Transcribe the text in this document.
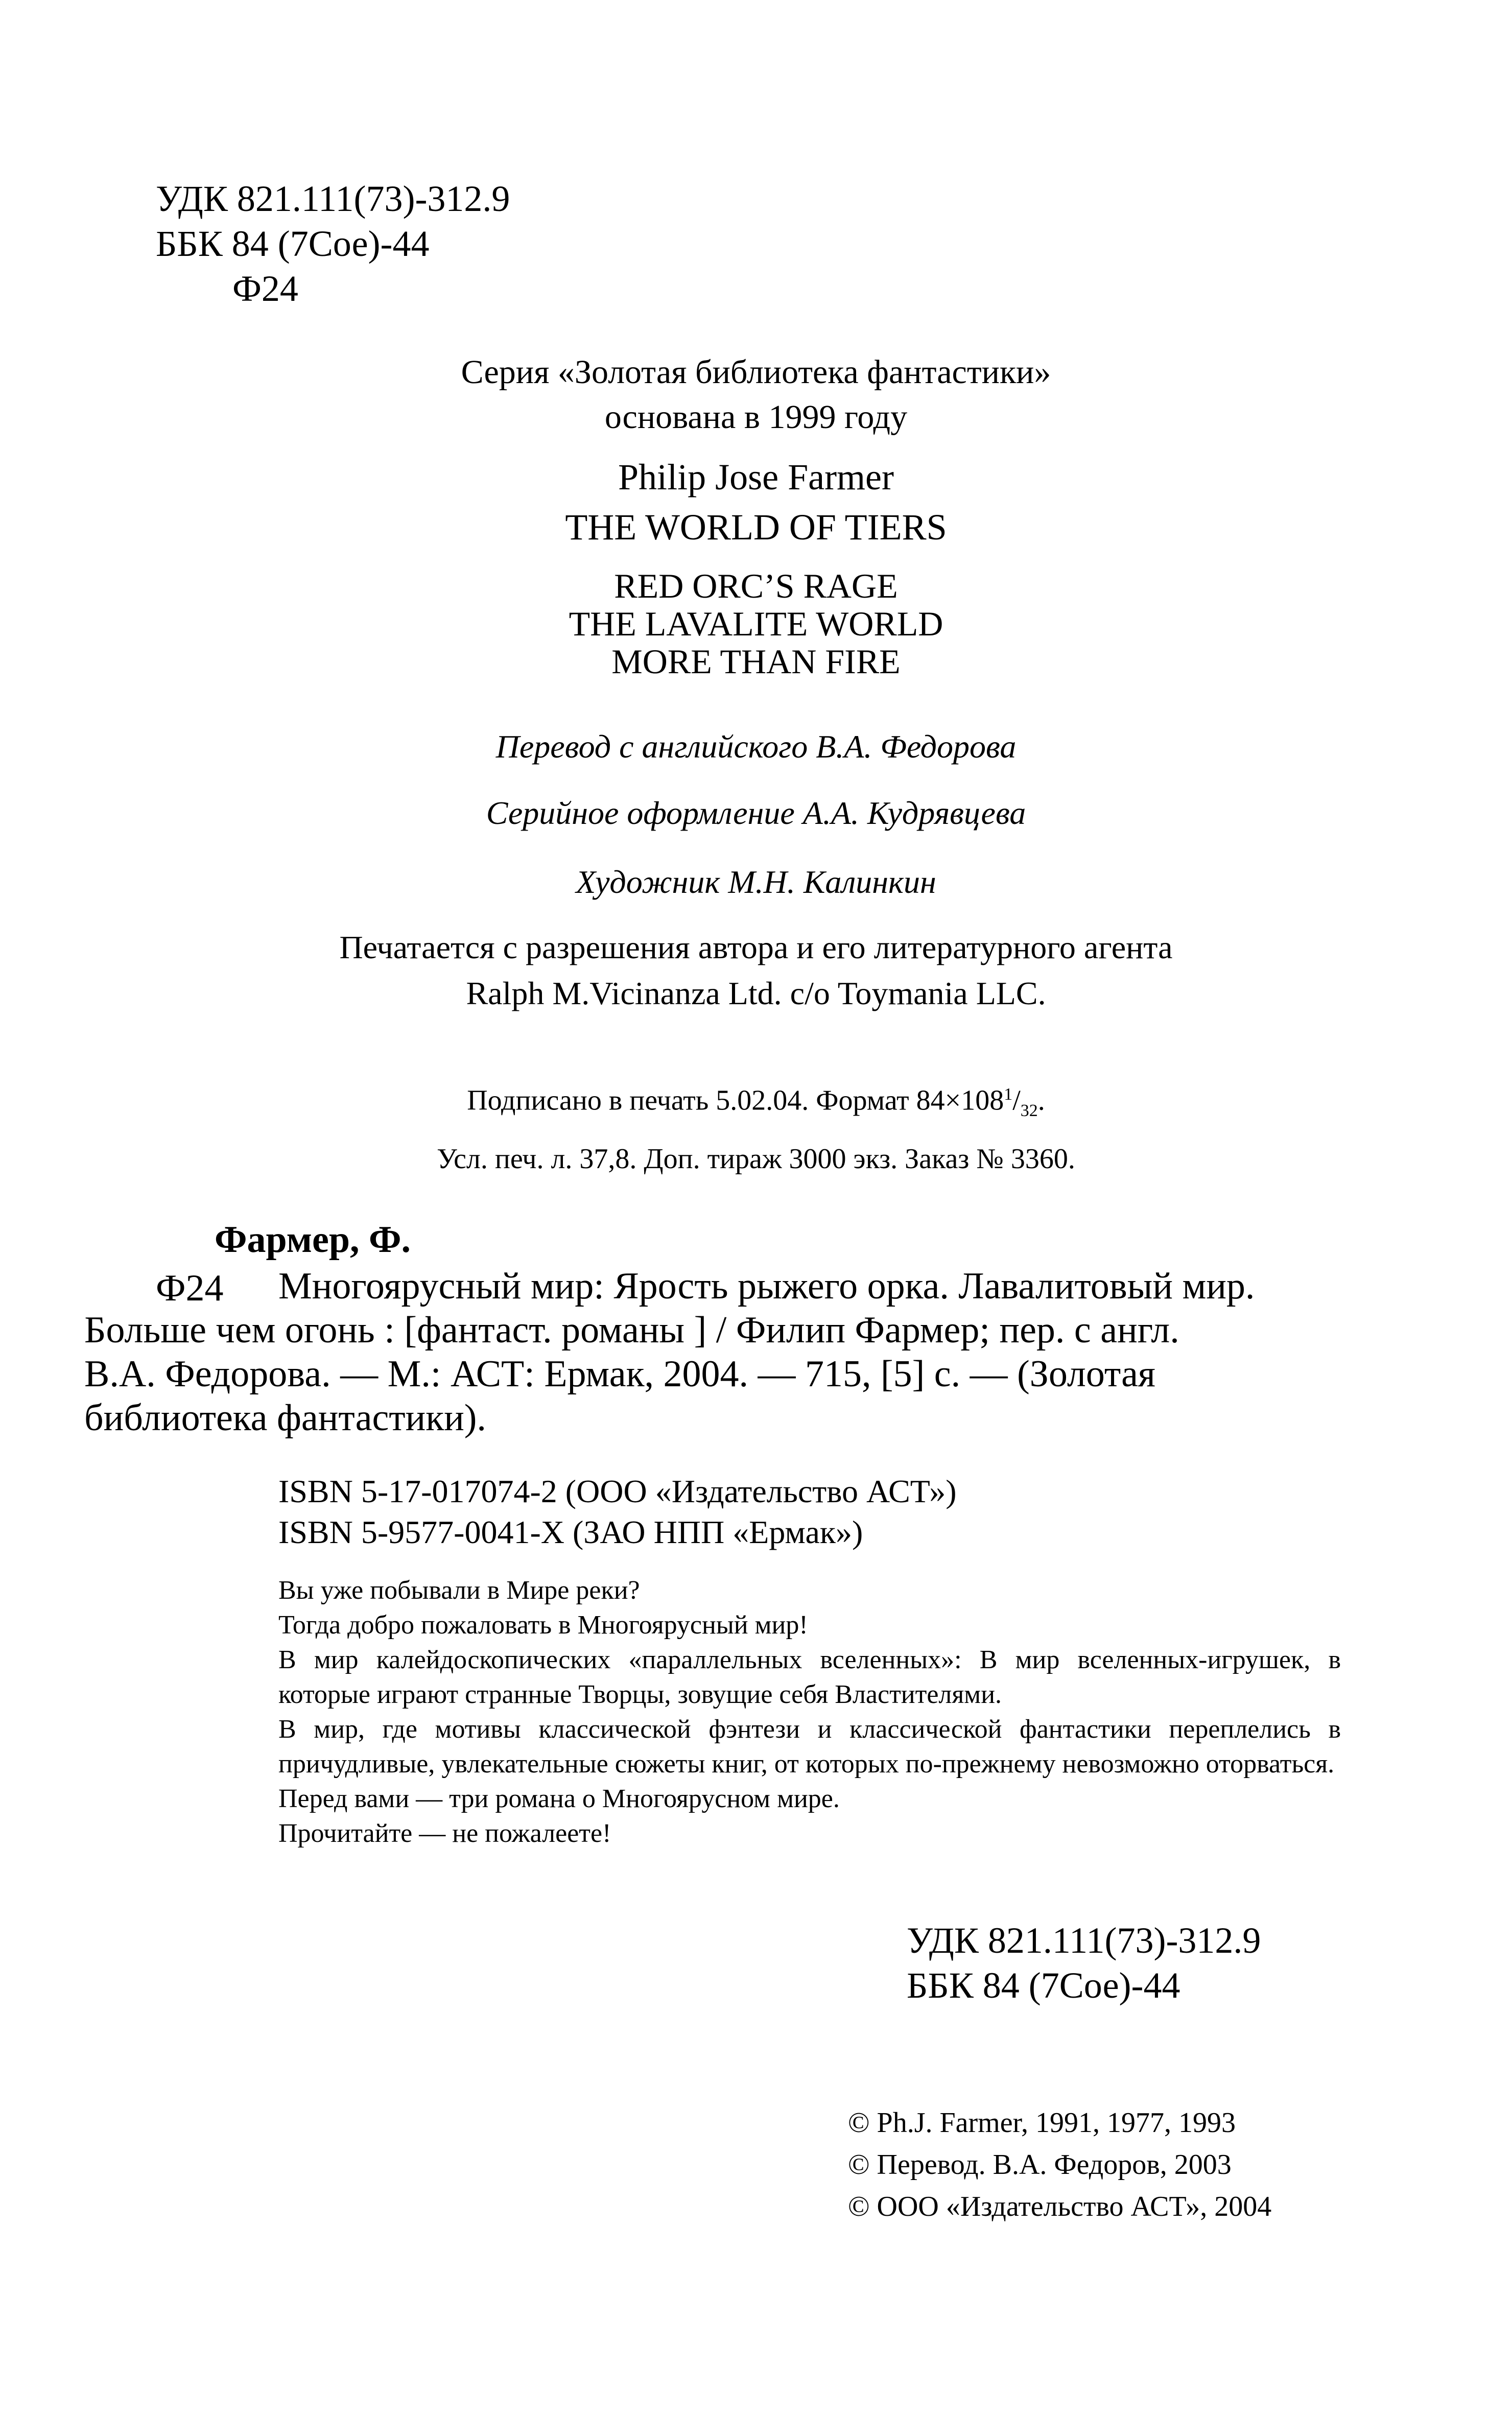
УДК 821.111(73)-312.9
ББК 84 (7Сое)-44
Ф24
Серия «Золотая библиотека фантастики»
основана в 1999 году
Philip Jose Farmer
THE WORLD OF TIERS
RED ORC’S RAGE
THE LAVALITE WORLD
MORE THAN FIRE
Перевод с английского В.А. Федорова
Серийное оформление А.А. Кудрявцева
Художник М.Н. Калинкин
Печатается с разрешения автора и его литературного агента
Ralph M.Vicinanza Ltd. c/o Toymania LLC.
Подписано в печать 5.02.04. Формат $84\times 108^1/_{32}$.
Усл. печ. л. 37,8. Доп. тираж 3000 экз. Заказ № 3360.
Фармер, Ф.
Ф24 Многоярусный мир: Ярость рыжего орка. Лавалитовый мир.
Больше чем огонь : [фантаст. романы ] / Филип Фармер; пер. с англ.
В.А. Федорова. — М.: АСТ: Ермак, 2004. — 715, [5] с. — (Золотая
библиотека фантастики).
ISBN 5-17-017074-2 (ООО «Издательство АСТ»)
ISBN 5-9577-0041-X (ЗАО НПП «Ермак»)

Вы уже побывали в Мире реки?

Тогда добро пожаловать в Многоярусный мир!

В мир калейдоскопических «параллельных вселенных»: В мир вселенных-игрушек, в которые играют странные Творцы, зовущие себя Властителями.

В мир, где мотивы классической фэнтези и классической фантастики переплелись в причудливые, увлекательные сюжеты книг, от которых по-прежнему невозможно оторваться.

Перед вами — три романа о Многоярусном мире.

Прочитайте — не пожалеете!

УДК 821.111(73)-312.9
ББК 84 (7Сое)-44
© Ph.J. Farmer, 1991, 1977, 1993
© Перевод. В.А. Федоров, 2003
© ООО «Издательство АСТ», 2004
